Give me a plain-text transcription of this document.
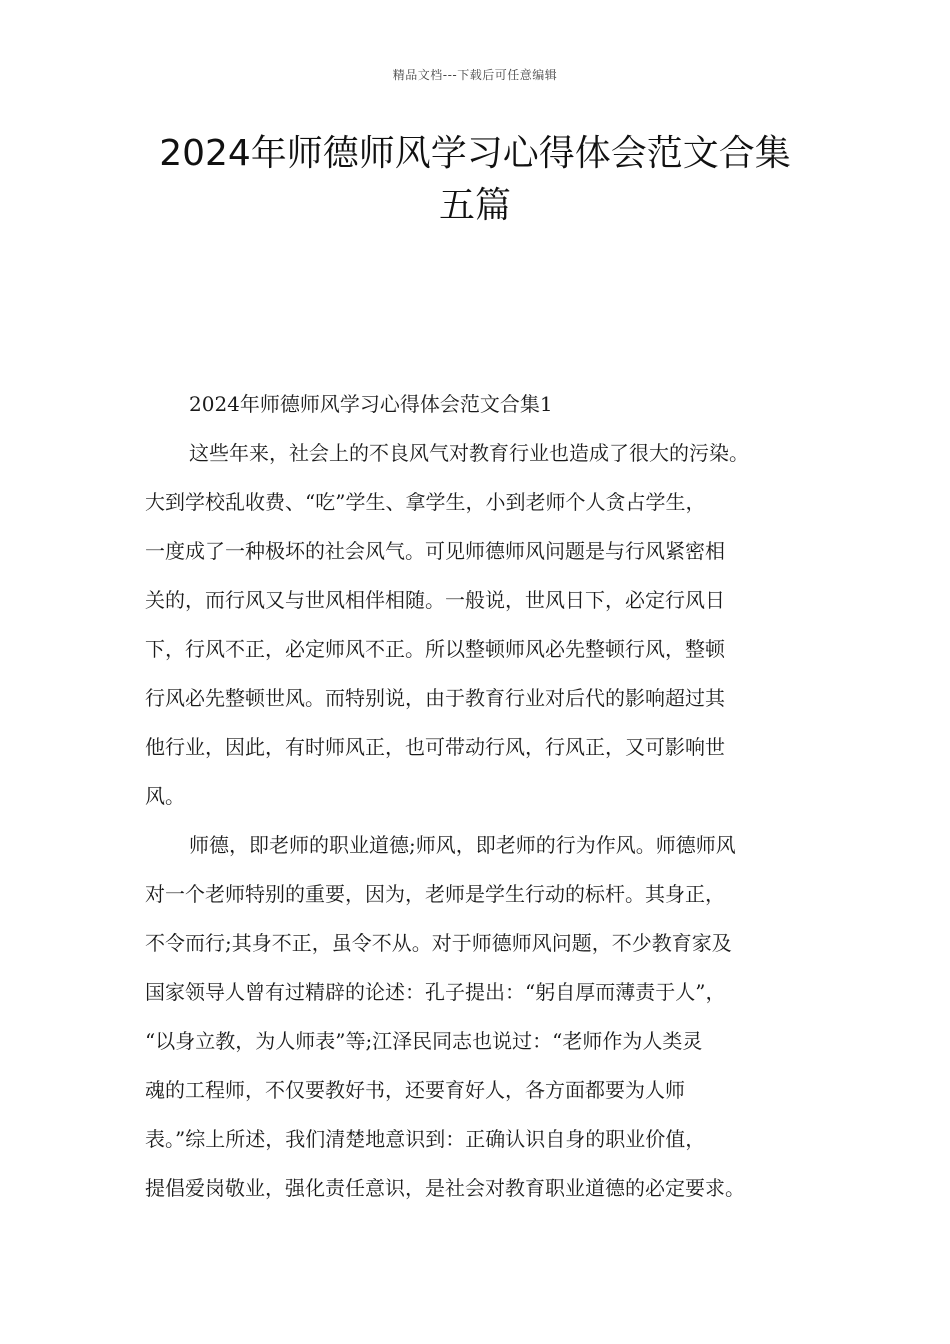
精品文档---下载后可任意编辑
2024年师德师风学习心得体会范文合集
五篇
2024年师德师风学习心得体会范文合集1
这些年来，社会上的不良风气对教育行业也造成了很大的污染。
大到学校乱收费、“吃”学生、拿学生，小到老师个人贪占学生，
一度成了一种极坏的社会风气。可见师德师风问题是与行风紧密相
关的，而行风又与世风相伴相随。一般说，世风日下，必定行风日
下，行风不正，必定师风不正。所以整顿师风必先整顿行风，整顿
行风必先整顿世风。而特别说，由于教育行业对后代的影响超过其
他行业，因此，有时师风正，也可带动行风，行风正，又可影响世
风。
师德，即老师的职业道德;师风，即老师的行为作风。师德师风
对一个老师特别的重要，因为，老师是学生行动的标杆。其身正，
不令而行;其身不正，虽令不从。对于师德师风问题，不少教育家及
国家领导人曾有过精辟的论述：孔子提出：“躬自厚而薄责于人”，
“以身立教，为人师表”等;江泽民同志也说过：“老师作为人类灵
魂的工程师，不仅要教好书，还要育好人，各方面都要为人师
表。”综上所述，我们清楚地意识到：正确认识自身的职业价值，
提倡爱岗敬业，强化责任意识，是社会对教育职业道德的必定要求。
